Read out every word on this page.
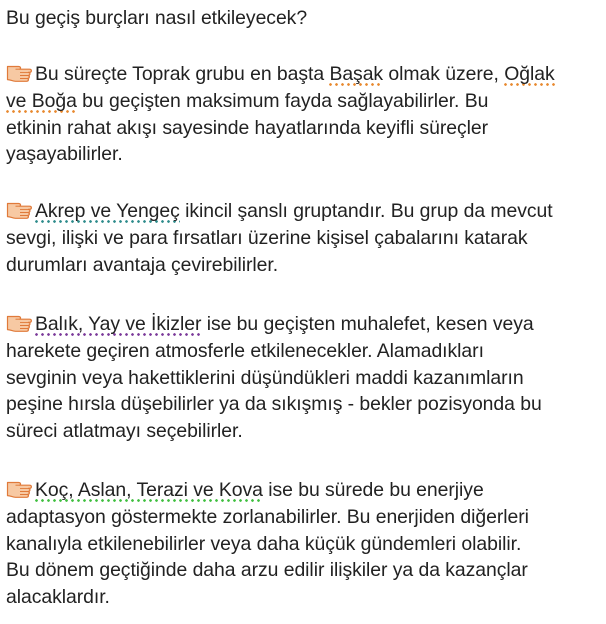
Bu geçiş burçları nasıl etkileyecek?
Bu süreçte Toprak grubu en başta Başak olmak üzere, Oğlak
ve Boğa bu geçişten maksimum fayda sağlayabilirler. Bu
etkinin rahat akışı sayesinde hayatlarında keyifli süreçler
yaşayabilirler.
Akrep ve Yengeç ikincil şanslı gruptandır. Bu grup da mevcut
sevgi, ilişki ve para fırsatları üzerine kişisel çabalarını katarak
durumları avantaja çevirebilirler.
Balık, Yay ve İkizler ise bu geçişten muhalefet, kesen veya
harekete geçiren atmosferle etkilenecekler. Alamadıkları
sevginin veya hakettiklerini düşündükleri maddi kazanımların
peşine hırsla düşebilirler ya da sıkışmış - bekler pozisyonda bu
süreci atlatmayı seçebilirler.
Koç, Aslan, Terazi ve Kova ise bu sürede bu enerjiye
adaptasyon göstermekte zorlanabilirler. Bu enerjiden diğerleri
kanalıyla etkilenebilirler veya daha küçük gündemleri olabilir.
Bu dönem geçtiğinde daha arzu edilir ilişkiler ya da kazançlar
alacaklardır.
